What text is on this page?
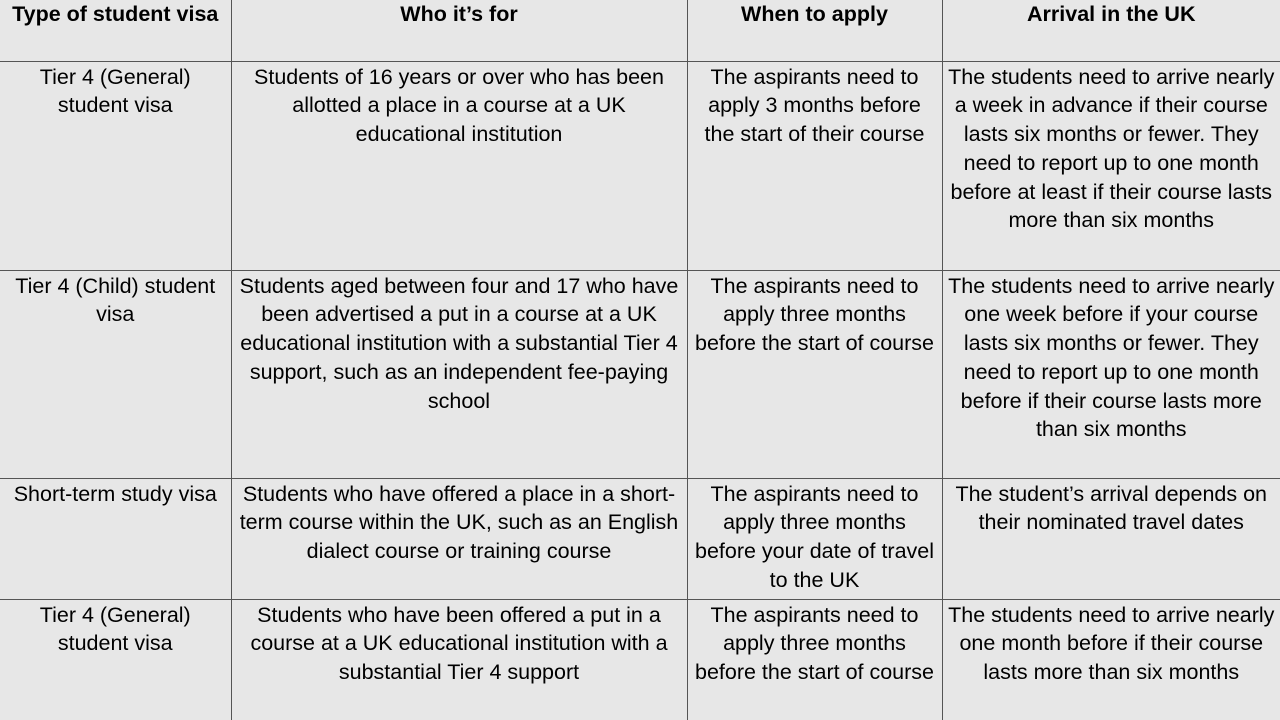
Type of student visa	Who it’s for	When to apply	Arrival in the UK
Tier 4 (General) student visa	Students of 16 years or over who has been allotted a place in a course at a UK educational institution	The aspirants need to apply 3 months before the start of their course	The students need to arrive nearly a week in advance if their course lasts six months or fewer. They need to report up to one month before at least if their course lasts more than six months
Tier 4 (Child) student visa	Students aged between four and 17 who have been advertised a put in a course at a UK educational institution with a substantial Tier 4 support, such as an independent fee-paying school	The aspirants need to apply three months before the start of course	The students need to arrive nearly one week before if your course lasts six months or fewer. They need to report up to one month before if their course lasts more than six months
Short-term study visa	Students who have offered a place in a short-term course within the UK, such as an English dialect course or training course	The aspirants need to apply three months before your date of travel to the UK	The student’s arrival depends on their nominated travel dates
Tier 4 (General) student visa	Students who have been offered a put in a course at a UK educational institution with a substantial Tier 4 support	The aspirants need to apply three months before the start of course	The students need to arrive nearly one month before if their course lasts more than six months
